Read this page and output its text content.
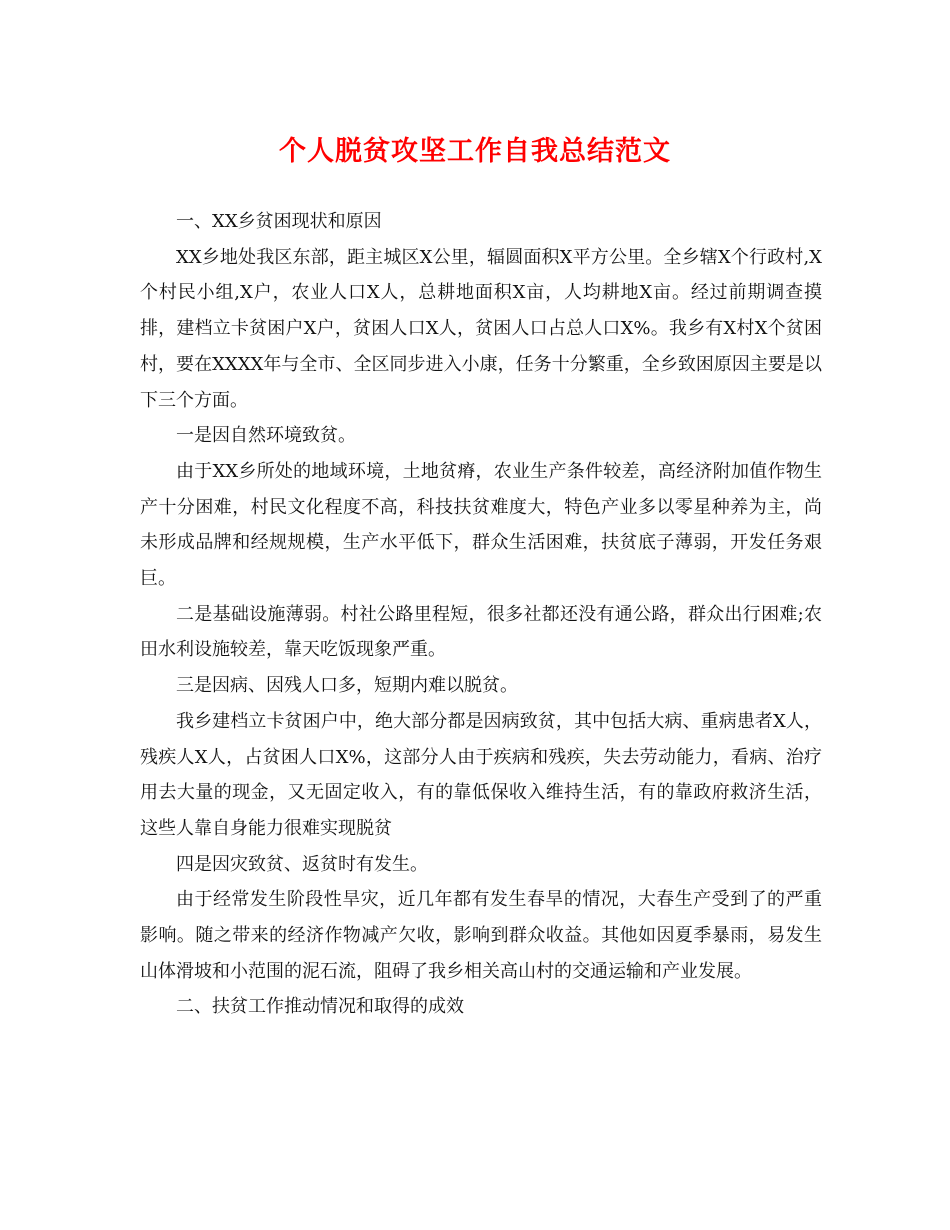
个人脱贫攻坚工作自我总结范文

一、XX乡贫困现状和原因

XX乡地处我区东部，距主城区X公里，辐圆面积X平方公里。全乡辖X个行政村,X个村民小组,X户，农业人口X人，总耕地面积X亩，人均耕地X亩。经过前期调查摸排，建档立卡贫困户X户，贫困人口X人，贫困人口占总人口X%。我乡有X村X个贫困村，要在XXXX年与全市、全区同步进入小康，任务十分繁重，全乡致困原因主要是以下三个方面。

一是因自然环境致贫。

由于XX乡所处的地域环境，土地贫瘠，农业生产条件较差，高经济附加值作物生产十分困难，村民文化程度不高，科技扶贫难度大，特色产业多以零星种养为主，尚未形成品牌和经规规模，生产水平低下，群众生活困难，扶贫底子薄弱，开发任务艰巨。

二是基础设施薄弱。村社公路里程短，很多社都还没有通公路，群众出行困难;农田水利设施较差，靠天吃饭现象严重。

三是因病、因残人口多，短期内难以脱贫。

我乡建档立卡贫困户中，绝大部分都是因病致贫，其中包括大病、重病患者X人，残疾人X人，占贫困人口X%，这部分人由于疾病和残疾，失去劳动能力，看病、治疗用去大量的现金，又无固定收入，有的靠低保收入维持生活，有的靠政府救济生活，这些人靠自身能力很难实现脱贫

四是因灾致贫、返贫时有发生。

由于经常发生阶段性旱灾，近几年都有发生春旱的情况，大春生产受到了的严重影响。随之带来的经济作物减产欠收，影响到群众收益。其他如因夏季暴雨，易发生山体滑坡和小范围的泥石流，阻碍了我乡相关高山村的交通运输和产业发展。

二、扶贫工作推动情况和取得的成效
